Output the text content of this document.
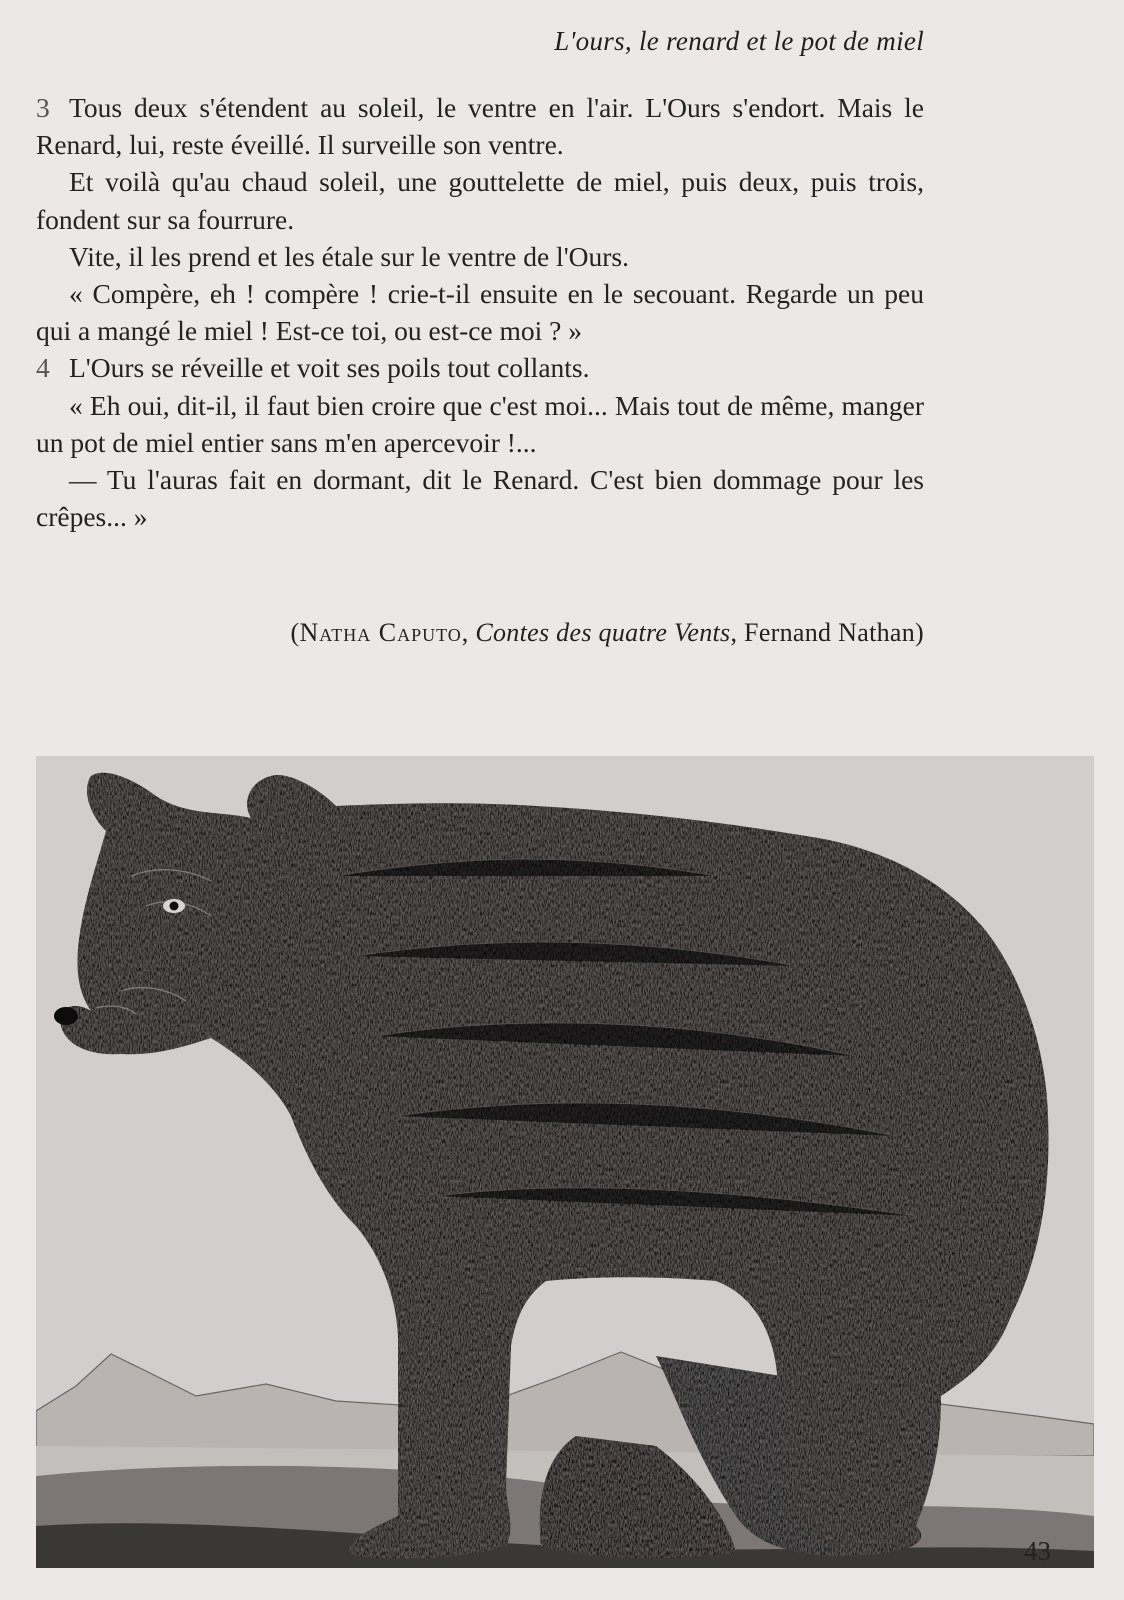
L'ours, le renard et le pot de miel

3 Tous deux s'étendent au soleil, le ventre en l'air. L'Ours s'endort. Mais le Renard, lui, reste éveillé. Il surveille son ventre.

Et voilà qu'au chaud soleil, une gouttelette de miel, puis deux, puis trois, fondent sur sa fourrure.

Vite, il les prend et les étale sur le ventre de l'Ours.

« Compère, eh ! compère ! crie-t-il ensuite en le secouant. Regarde un peu qui a mangé le miel ! Est-ce toi, ou est-ce moi ? »

4 L'Ours se réveille et voit ses poils tout collants.

« Eh oui, dit-il, il faut bien croire que c'est moi... Mais tout de même, manger un pot de miel entier sans m'en apercevoir !...

— Tu l'auras fait en dormant, dit le Renard. C'est bien dommage pour les crêpes... »

(Natha Caputo, Contes des quatre Vents, Fernand Nathan)
43
